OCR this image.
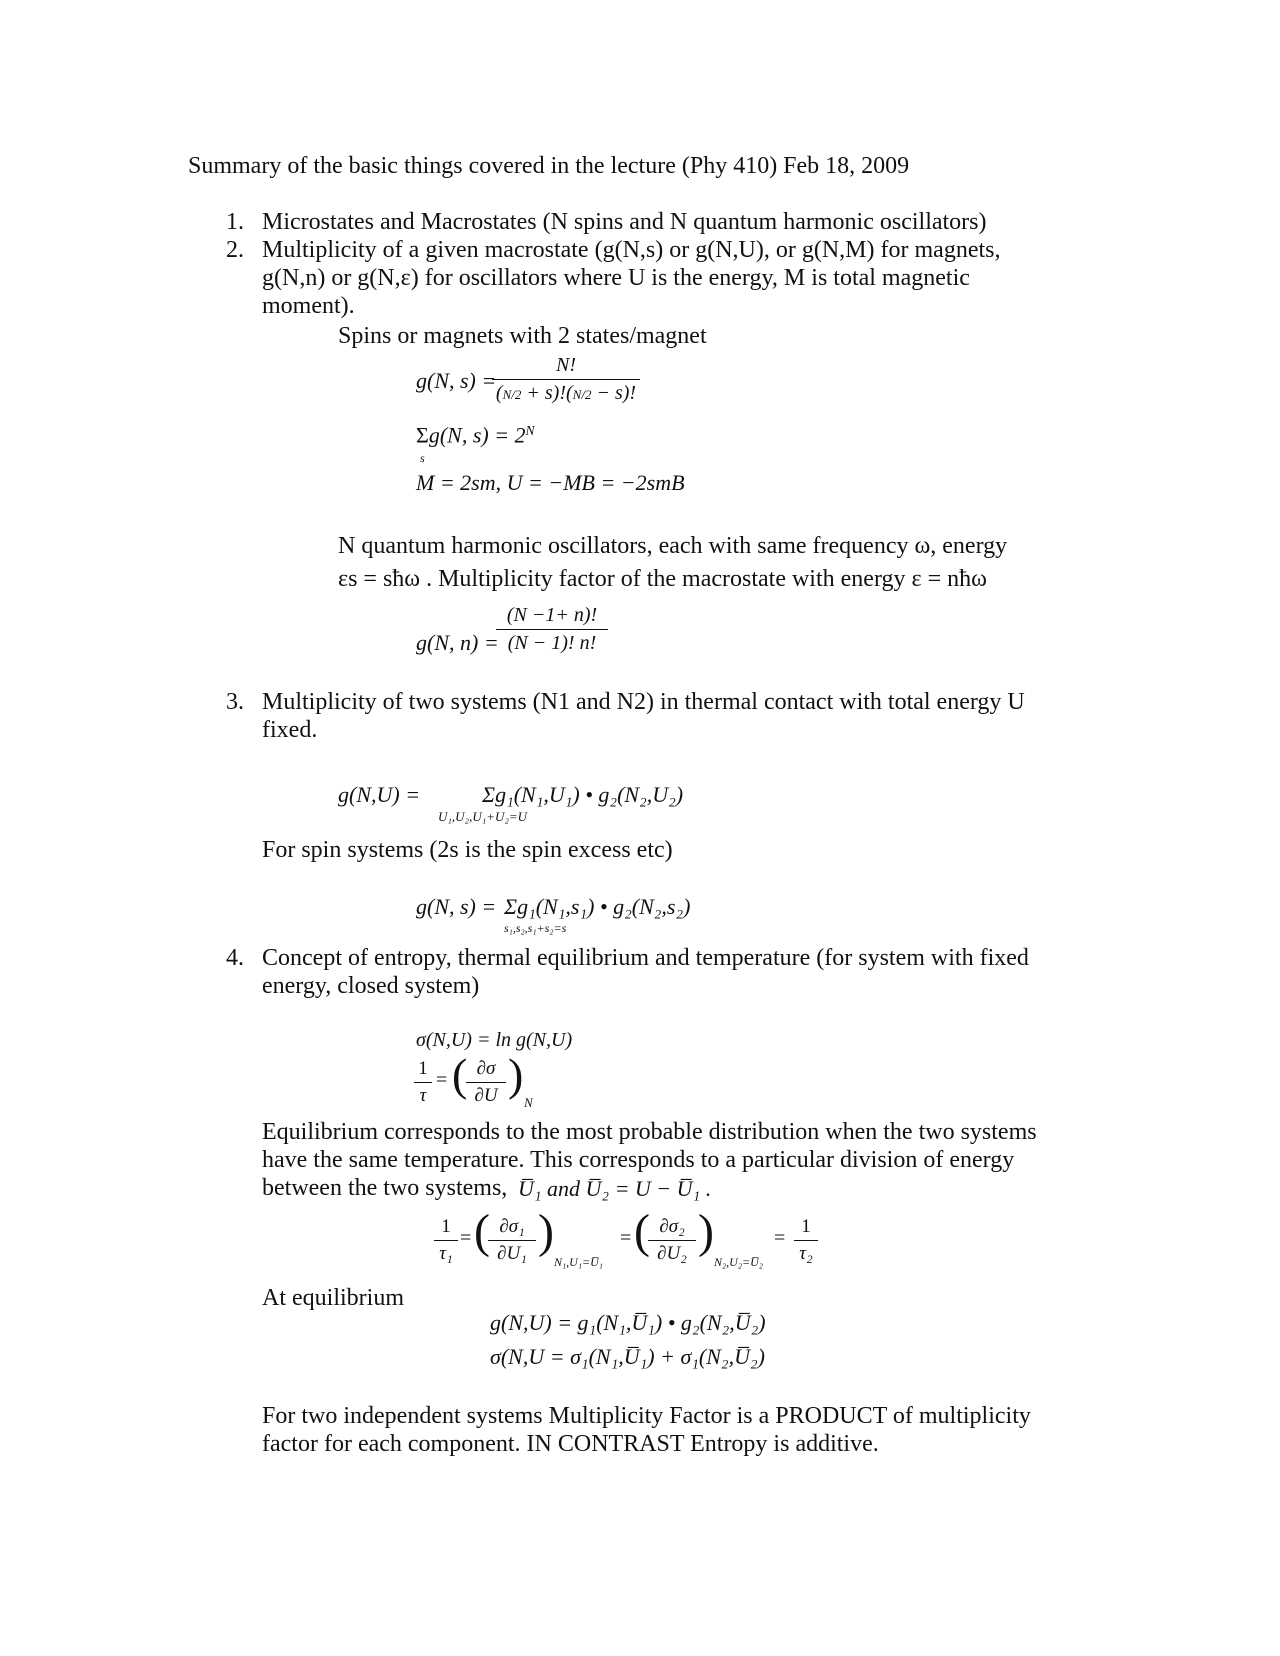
Summary of the basic things covered in the lecture (Phy 410) Feb 18, 2009
1. Microstates and Macrostates (N spins and N quantum harmonic oscillators)
2. Multiplicity of a given macrostate (g(N,s) or g(N,U), or g(N,M) for magnets,
g(N,n) or g(N,ε) for oscillators where U is the energy, M is total magnetic
moment).
Spins or magnets with 2 states/magnet
g(N, s) =
N!
(N/2 + s)!(N/2 − s)!
Σg(N, $s) = 2^N$
s
M = 2sm, U = −MB = −2smB
N quantum harmonic oscillators, each with same frequency ω, energy
εs = sħω . Multiplicity factor of the macrostate with energy ε = nħω
g(N, n) =
(N −1+ n)!
(N − 1)! n!
3. Multiplicity of two systems (N1 and N2) in thermal contact with total energy U
fixed.
g(N,U) =	Σg₁(N₁,U₁) • g₂(N₂,U₂)
U₁,U₂,U₁+U₂=U
For spin systems (2s is the spin excess etc)
g(N, s) = Σg₁(N₁,s₁) • g₂(N₂,s₂)
s₁,s₂,s₁+s₂=s
4. Concept of entropy, thermal equilibrium and temperature (for system with fixed
energy, closed system)
σ(N,U) = ln g(N,U)
1
τ
= ( ∂σ
∂U )
N
Equilibrium corresponds to the most probable distribution when the two systems
have the same temperature. This corresponds to a particular division of energy
between the two systems, U̅₁ and U̅₂ = U − U̅₁ .
1
τ₁
= ( ∂σ₁
∂U₁ )
N₁,U₁=U̅₁
= ( ∂σ₂
∂U₂ )
N₂,U₂=U̅₂
=
1
τ₂
At equilibrium
g(N,U) = g₁(N₁,U̅₁) • g₂(N₂,U̅₂)
σ(N,U = σ₁(N₁,U̅₁) + σ₁(N₂,U̅₂)
For two independent systems Multiplicity Factor is a PRODUCT of multiplicity
factor for each component. IN CONTRAST Entropy is additive.
